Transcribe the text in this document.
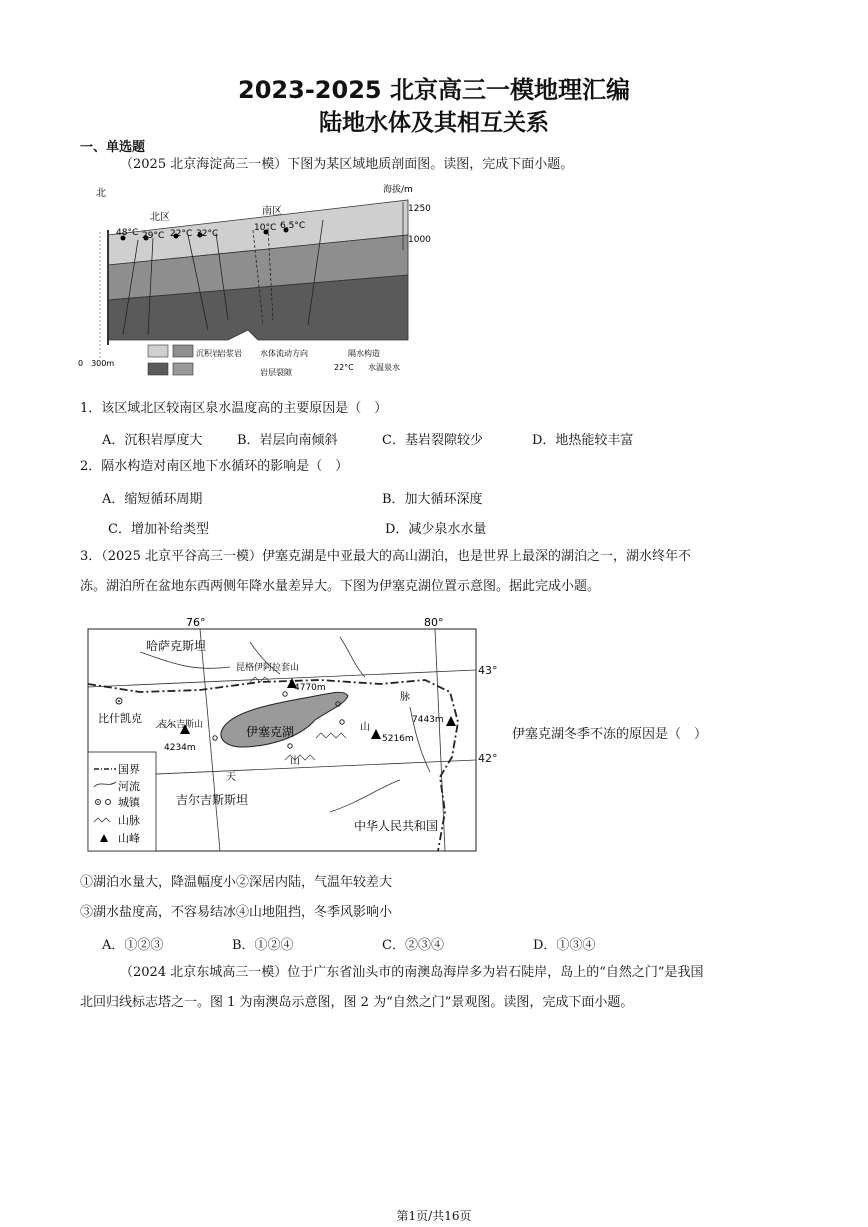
2023-2025 北京高三一模地理汇编
陆地水体及其相互关系
一、单选题
（2025 北京海淀高三一模）下图为某区域地质剖面图。读图，完成下面小题。
北	海拔/m
1250
1000
北区
南区
48°C 29°C 22°C 32°C
10°C 6.5°C
0　300m
沉积岩
岩浆岩 水体流动方向
岩层裂隙
隔水构造
22°C 水温泉水
1．该区域北区较南区泉水温度高的主要原因是（　）
A．沉积岩厚度大	B．岩层向南倾斜	C．基岩裂隙较少	D．地热能较丰富
2．隔水构造对南区地下水循环的影响是（　）
A．缩短循环周期	B．加大循环深度
C．增加补给类型	D．减少泉水水量
3．（2025 北京平谷高三一模）伊塞克湖是中亚最大的高山湖泊，也是世界上最深的湖泊之一，湖水终年不
冻。湖泊所在盆地东西两侧年降水量差异大。下图为伊塞克湖位置示意图。据此完成小题。
76°	80°
哈萨克斯坦
昆格伊阿拉套山
4770m
比什凯克 吉尔吉斯山
4234m
伊塞克湖
7443m
5216m
脉
山
山
天
吉尔吉斯斯坦
中华人民共和国
国界
河流
城镇
山脉
山峰
43°
42°
伊塞克湖冬季不冻的原因是（　）
①湖泊水量大，降温幅度小②深居内陆，气温年较差大
③湖水盐度高，不容易结冰④山地阻挡，冬季风影响小
A．①②③	B．①②④	C．②③④	D．①③④
（2024 北京东城高三一模）位于广东省汕头市的南澳岛海岸多为岩石陡岸，岛上的“自然之门”是我国
北回归线标志塔之一。图 1 为南澳岛示意图，图 2 为“自然之门”景观图。读图，完成下面小题。
第1页/共16页
